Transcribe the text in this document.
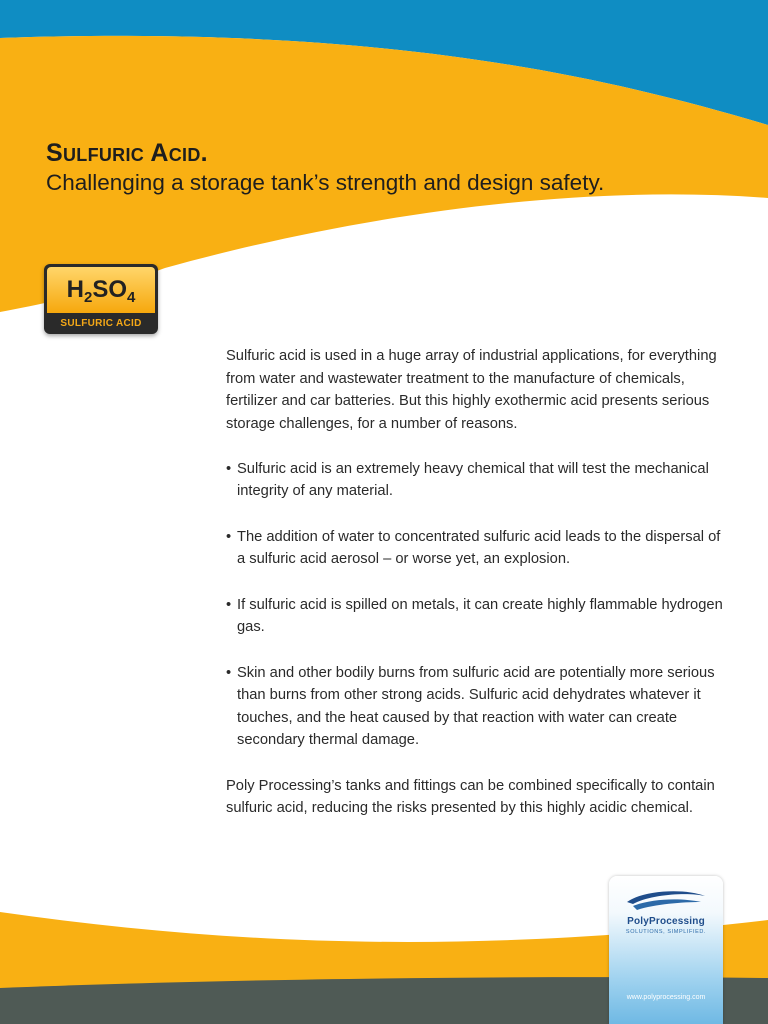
Sulfuric Acid.
Challenging a storage tank’s strength and design safety.
$H_2SO_4$
SULFURIC ACID

Sulfuric acid is used in a huge array of industrial applications, for everything from water and wastewater treatment to the manufacture of chemicals, fertilizer and car batteries. But this highly exothermic acid presents serious storage challenges, for a number of reasons.

• Sulfuric acid is an extremely heavy chemical that will test the mechanical integrity of any material.
• The addition of water to concentrated sulfuric acid leads to the dispersal of a sulfuric acid aerosol – or worse yet, an explosion.
• If sulfuric acid is spilled on metals, it can create highly flammable hydrogen gas.
• Skin and other bodily burns from sulfuric acid are potentially more serious than burns from other strong acids. Sulfuric acid dehydrates whatever it touches, and the heat caused by that reaction with water can create secondary thermal damage.

Poly Processing’s tanks and fittings can be combined specifically to contain sulfuric acid, reducing the risks presented by this highly acidic chemical.

PolyProcessing
SOLUTIONS, SIMPLIFIED.
www.polyprocessing.com
